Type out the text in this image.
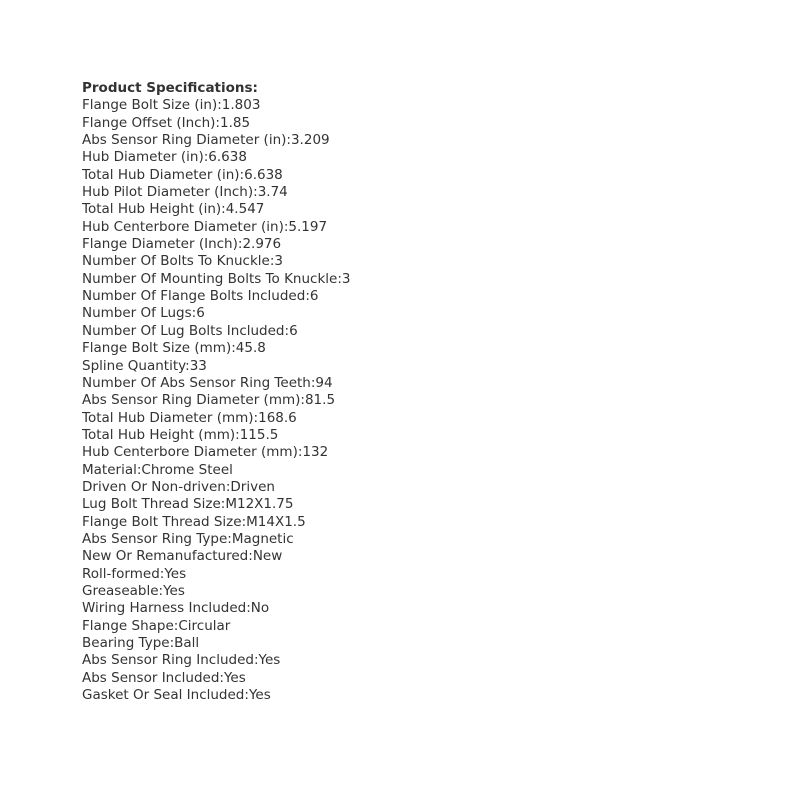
Product Specifications:
Flange Bolt Size (in):1.803
Flange Offset (Inch):1.85
Abs Sensor Ring Diameter (in):3.209
Hub Diameter (in):6.638
Total Hub Diameter (in):6.638
Hub Pilot Diameter (Inch):3.74
Total Hub Height (in):4.547
Hub Centerbore Diameter (in):5.197
Flange Diameter (Inch):2.976
Number Of Bolts To Knuckle:3
Number Of Mounting Bolts To Knuckle:3
Number Of Flange Bolts Included:6
Number Of Lugs:6
Number Of Lug Bolts Included:6
Flange Bolt Size (mm):45.8
Spline Quantity:33
Number Of Abs Sensor Ring Teeth:94
Abs Sensor Ring Diameter (mm):81.5
Total Hub Diameter (mm):168.6
Total Hub Height (mm):115.5
Hub Centerbore Diameter (mm):132
Material:Chrome Steel
Driven Or Non-driven:Driven
Lug Bolt Thread Size:M12X1.75
Flange Bolt Thread Size:M14X1.5
Abs Sensor Ring Type:Magnetic
New Or Remanufactured:New
Roll-formed:Yes
Greaseable:Yes
Wiring Harness Included:No
Flange Shape:Circular
Bearing Type:Ball
Abs Sensor Ring Included:Yes
Abs Sensor Included:Yes
Gasket Or Seal Included:Yes
